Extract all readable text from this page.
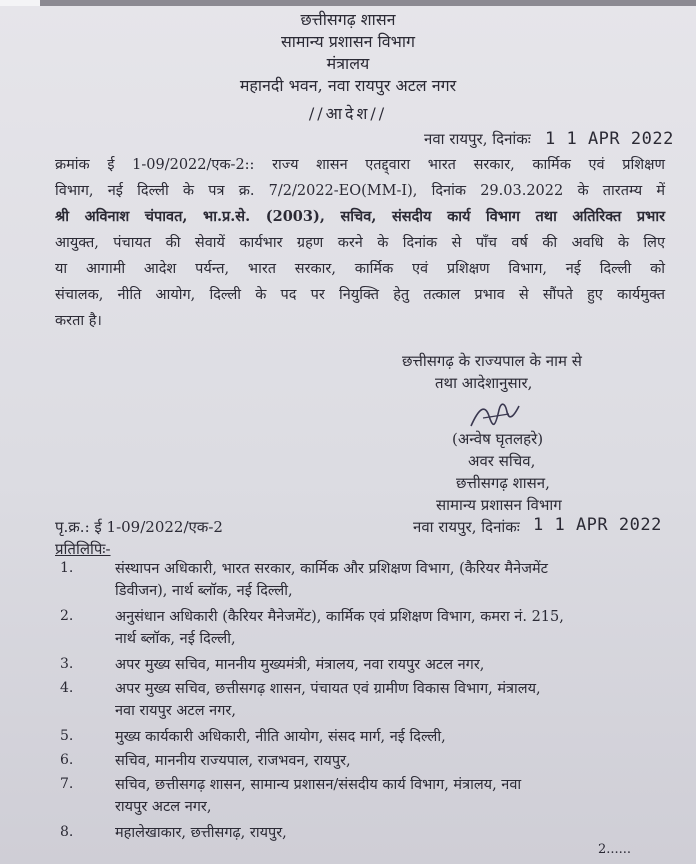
छत्तीसगढ़ शासन
सामान्य प्रशासन विभाग
मंत्रालय
महानदी भवन, नवा रायपुर अटल नगर
//आदेश//
नवा रायपुर, दिनांकः 1 1 APR 2022
क्रमांक ई 1-09/2022/एक-2:: राज्य शासन एतद्द्वारा भारत सरकार, कार्मिक एवं प्रशिक्षण
विभाग, नई दिल्ली के पत्र क्र. 7/2/2022-EO(MM-I), दिनांक 29.03.2022 के तारतम्य में
श्री अविनाश चंपावत, भा.प्र.से. (2003), सचिव, संसदीय कार्य विभाग तथा अतिरिक्त प्रभार
आयुक्त, पंचायत की सेवायें कार्यभार ग्रहण करने के दिनांक से पाँच वर्ष की अवधि के लिए
या आगामी आदेश पर्यन्त, भारत सरकार, कार्मिक एवं प्रशिक्षण विभाग, नई दिल्ली को
संचालक, नीति आयोग, दिल्ली के पद पर नियुक्ति हेतु तत्काल प्रभाव से सौंपते हुए कार्यमुक्त
करता है।
छत्तीसगढ़ के राज्यपाल के नाम से
तथा आदेशानुसार,
(अन्वेष घृतलहरे)
अवर सचिव,
छत्तीसगढ़ शासन,
सामान्य प्रशासन विभाग
पृ.क्र.: ई 1-09/2022/एक-2	नवा रायपुर, दिनांकः 1 1 APR 2022
प्रतिलिपिः-
1.	संस्थापन अधिकारी, भारत सरकार, कार्मिक और प्रशिक्षण विभाग, (कैरियर मैनेजमेंट
डिवीजन), नार्थ ब्लॉक, नई दिल्ली,
2.	अनुसंधान अधिकारी (कैरियर मैनेजमेंट), कार्मिक एवं प्रशिक्षण विभाग, कमरा नं. 215,
नार्थ ब्लॉक, नई दिल्ली,
3.	अपर मुख्य सचिव, माननीय मुख्यमंत्री, मंत्रालय, नवा रायपुर अटल नगर,
4.	अपर मुख्य सचिव, छत्तीसगढ़ शासन, पंचायत एवं ग्रामीण विकास विभाग, मंत्रालय,
नवा रायपुर अटल नगर,
5.	मुख्य कार्यकारी अधिकारी, नीति आयोग, संसद मार्ग, नई दिल्ली,
6.	सचिव, माननीय राज्यपाल, राजभवन, रायपुर,
7.	सचिव, छत्तीसगढ़ शासन, सामान्य प्रशासन/संसदीय कार्य विभाग, मंत्रालय, नवा
रायपुर अटल नगर,
8.	महालेखाकार, छत्तीसगढ़, रायपुर,
2......
